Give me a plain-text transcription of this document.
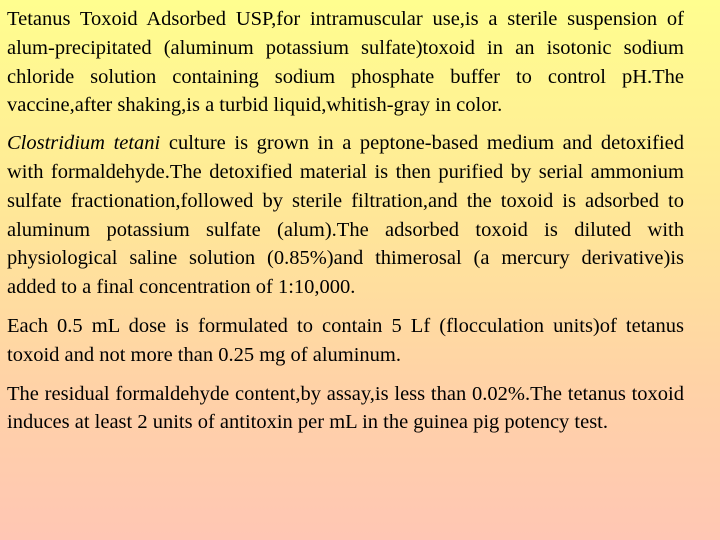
Tetanus Toxoid Adsorbed USP,for intramuscular use,is a sterile suspension of alum-precipitated (aluminum potassium sulfate)toxoid in an isotonic sodium chloride solution containing sodium phosphate buffer to control pH.The vaccine,after shaking,is a turbid liquid,whitish-gray in color.

Clostridium tetani culture is grown in a peptone-based medium and detoxified with formaldehyde.The detoxified material is then purified by serial ammonium sulfate fractionation,followed by sterile filtration,and the toxoid is adsorbed to aluminum potassium sulfate (alum).The adsorbed toxoid is diluted with physiological saline solution (0.85%)and thimerosal (a mercury derivative)is added to a final concentration of 1:10,000.

Each 0.5 mL dose is formulated to contain 5 Lf (flocculation units)of tetanus toxoid and not more than 0.25 mg of aluminum.

The residual formaldehyde content,by assay,is less than 0.02%.The tetanus toxoid induces at least 2 units of antitoxin per mL in the guinea pig potency test.
